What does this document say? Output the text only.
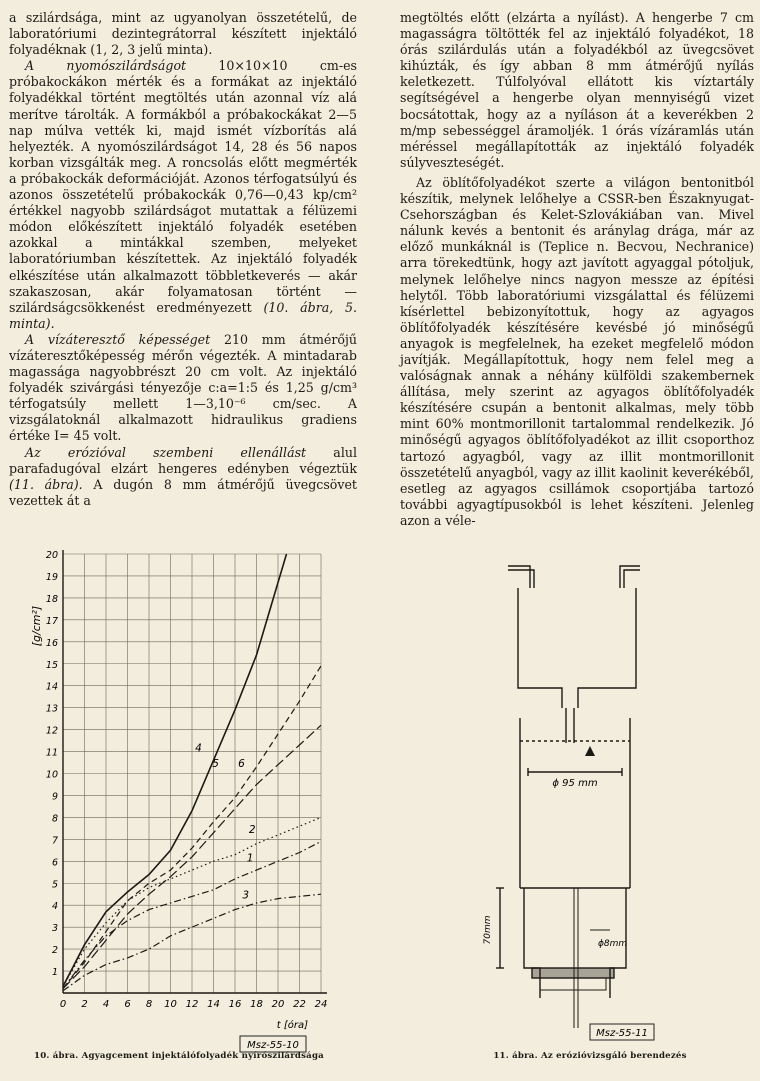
a szilárdsága, mint az ugyanolyan összetételű, de laboratóriumi dezintegrátorral készített injektáló folyadéknak (1, 2, 3 jelű minta).

A nyomószilárdságot 10×10×10 cm-es próbakockákon mérték és a formákat az injektáló folyadékkal történt megtöltés után azonnal víz alá merítve tárolták. A formákból a próbakockákat 2—5 nap múlva vették ki, majd ismét vízborítás alá helyezték. A nyomószilárdságot 14, 28 és 56 napos korban vizsgálták meg. A roncsolás előtt megmérték a próbakockák deformációját. Azonos térfogatsúlyú és azonos összetételű próbakockák 0,76—0,43 kp/cm² értékkel nagyobb szilárdságot mutattak a félüzemi módon előkészített injektáló folyadék esetében azokkal a mintákkal szemben, melyeket laboratóriumban készítettek. Az injektáló folyadék elkészítése után alkalmazott többletkeverés — akár szakaszosan, akár folyamatosan történt — szilárdságcsökkenést eredményezett (10. ábra, 5. minta).

A vízáteresztő képességet 210 mm átmérőjű vízáteresztőképesség mérőn végezték. A mintadarab magassága nagyobbrészt 20 cm volt. Az injektáló folyadék szivárgási tényezője c:a=1:5 és 1,25 g/cm³ térfogatsúly mellett 1—3,10⁻⁶ cm/sec. A vizsgálatoknál alkalmazott hidraulikus gradiens értéke I= 45 volt.

Az erózióval szembeni ellenállást alul parafadugóval elzárt hengeres edényben végeztük (11. ábra). A dugón 8 mm átmérőjű üvegcsövet vezettek át a

megtöltés előtt (elzárta a nyílást). A hengerbe 7 cm magasságra töltötték fel az injektáló folyadékot, 18 órás szilárdulás után a folyadékból az üvegcsövet kihúzták, és így abban 8 mm átmérőjű nyílás keletkezett. Túlfolyóval ellátott kis víztartály segítségével a hengerbe olyan mennyiségű vizet bocsátottak, hogy az a nyíláson át a keverékben 2 m/mp sebességgel áramoljék. 1 órás vízáramlás után méréssel megállapították az injektáló folyadék súlyveszteségét.

Az öblítőfolyadékot szerte a világon bentonitból készítik, melynek lelőhelye a CSSR-ben Északnyugat-Csehországban és Kelet-Szlovákiában van. Mivel nálunk kevés a bentonit és aránylag drága, már az előző munkáknál is (Teplice n. Becvou, Nechranice) arra törekedtünk, hogy azt javított agyaggal pótoljuk, melynek lelőhelye nincs nagyon messze az építési helytől. Több laboratóriumi vizsgálattal és félüzemi kísérlettel bebizonyítottuk, hogy az agyagos öblítőfolyadék készítésére kevésbé jó minőségű anyagok is megfelelnek, ha ezeket megfelelő módon javítják. Megállapítottuk, hogy nem felel meg a valóságnak annak a néhány külföldi szakembernek állítása, mely szerint az agyagos öblítőfolyadék készítésére csupán a bentonit alkalmas, mely több mint 60% montmorillonit tartalommal rendelkezik. Jó minőségű agyagos öblítőfolyadékot az illit csoporthoz tartozó agyagból, vagy az illit montmorillonit összetételű anyagból, vagy az illit kaolinit keverékéből, esetleg az agyagos csillámok csoportjába tartozó további agyagtípusokból is lehet készíteni. Jelenleg azon a véle-

0 2 4 6 8 10 12 14 16 18 20 22 24
1
2
3
4
5
6
7
8
9
10
11
12
13
14
15
16
17
18
19
20
1
2
3
4
5 6
[g/cm²]
t [óra]
Msz-55-10
10. ábra. Agyagcement injektálófolyadék nyírószilárdsága
ϕ 95 mm
70mm	ϕ8mm
Msz-55-11
11. ábra. Az erózióvizsgáló berendezés
